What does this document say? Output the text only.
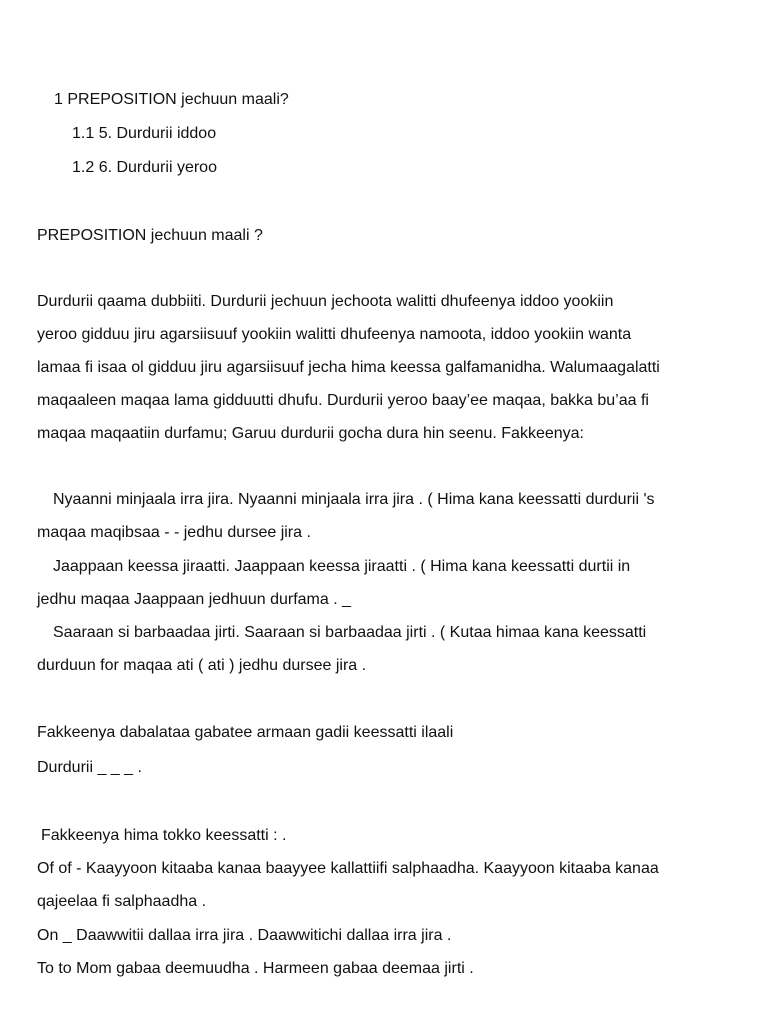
1 PREPOSITION jechuun maali?
1.1 5. Durdurii iddoo
1.2 6. Durdurii yeroo
PREPOSITION jechuun maali ?
Durdurii qaama dubbiiti. Durdurii jechuun jechoota walitti dhufeenya iddoo yookiin
yeroo gidduu jiru agarsiisuuf yookiin walitti dhufeenya namoota, iddoo yookiin wanta
lamaa fi isaa ol gidduu jiru agarsiisuuf jecha hima keessa galfamanidha. Walumaagalatti
maqaaleen maqaa lama gidduutti dhufu. Durdurii yeroo baay’ee maqaa, bakka bu’aa fi
maqaa maqaatiin durfamu; Garuu durdurii gocha dura hin seenu. Fakkeenya:
Nyaanni minjaala irra jira. Nyaanni minjaala irra jira . ( Hima kana keessatti durdurii 's
maqaa maqibsaa - - jedhu dursee jira .
Jaappaan keessa jiraatti. Jaappaan keessa jiraatti . ( Hima kana keessatti durtii in
jedhu maqaa Jaappaan jedhuun durfama . _
Saaraan si barbaadaa jirti. Saaraan si barbaadaa jirti . ( Kutaa himaa kana keessatti
durduun for maqaa ati ( ati ) jedhu dursee jira .
Fakkeenya dabalataa gabatee armaan gadii keessatti ilaali
Durdurii _ _ _ .
Fakkeenya hima tokko keessatti : .
Of of - Kaayyoon kitaaba kanaa baayyee kallattiifi salphaadha. Kaayyoon kitaaba kanaa
qajeelaa fi salphaadha .
On _ Daawwitii dallaa irra jira . Daawwitichi dallaa irra jira .
To to Mom gabaa deemuudha . Harmeen gabaa deemaa jirti .
